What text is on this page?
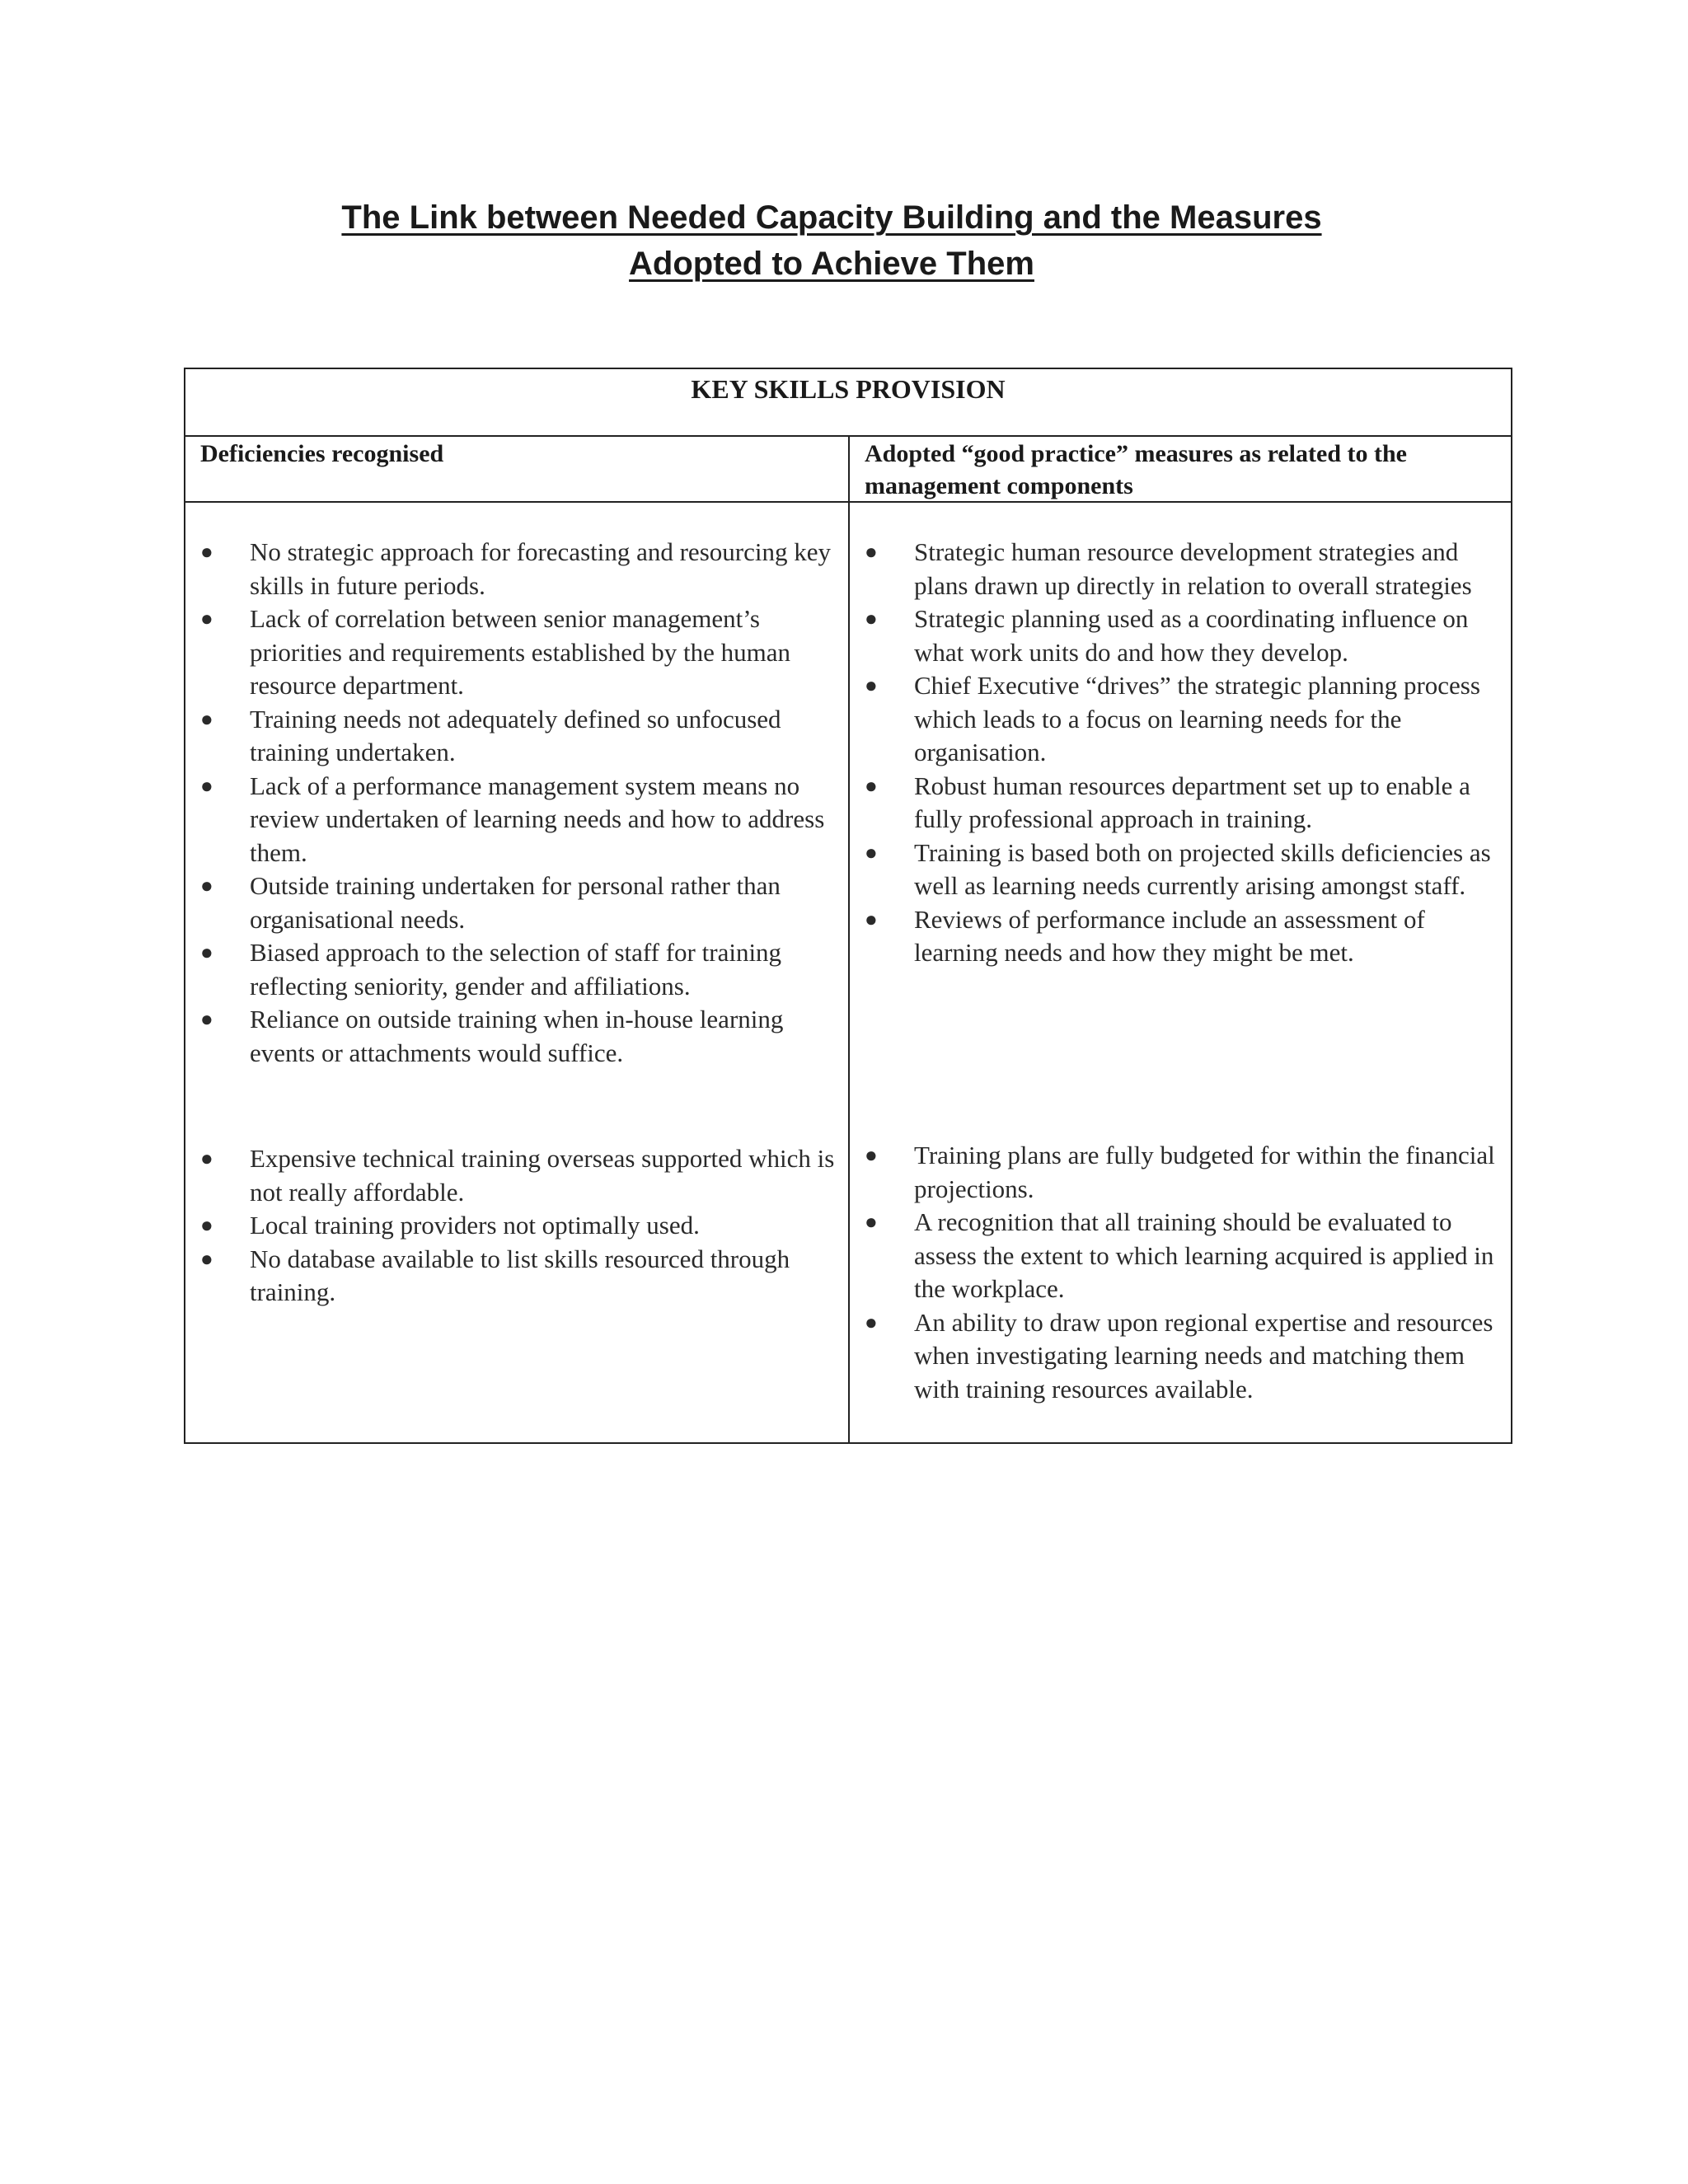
The Link between Needed Capacity Building and the Measures
Adopted to Achieve Them
KEY SKILLS PROVISION
Deficiencies recognised	Adopted “good practice” measures as related to the management components
● No strategic approach for forecasting and resourcing key skills in future periods.
● Lack of correlation between senior management’s priorities and requirements established by the human resource department.
● Training needs not adequately defined so unfocused training undertaken.
● Lack of a performance management system means no review undertaken of learning needs and how to address them.
● Outside training undertaken for personal rather than organisational needs.
● Biased approach to the selection of staff for training reflecting seniority, gender and affiliations.
● Reliance on outside training when in-house learning events or attachments would suffice.
● Expensive technical training overseas supported which is not really affordable.
● Local training providers not optimally used.
● No database available to list skills resourced through training.
● Strategic human resource development strategies and plans drawn up directly in relation to overall strategies
● Strategic planning used as a coordinating influence on what work units do and how they develop.
● Chief Executive “drives” the strategic planning process which leads to a focus on learning needs for the organisation.
● Robust human resources department set up to enable a fully professional approach in training.
● Training is based both on projected skills deficiencies as well as learning needs currently arising amongst staff.
● Reviews of performance include an assessment of learning needs and how they might be met.
● Training plans are fully budgeted for within the financial projections.
● A recognition that all training should be evaluated to assess the extent to which learning acquired is applied in the workplace.
● An ability to draw upon regional expertise and resources when investigating learning needs and matching them with training resources available.
